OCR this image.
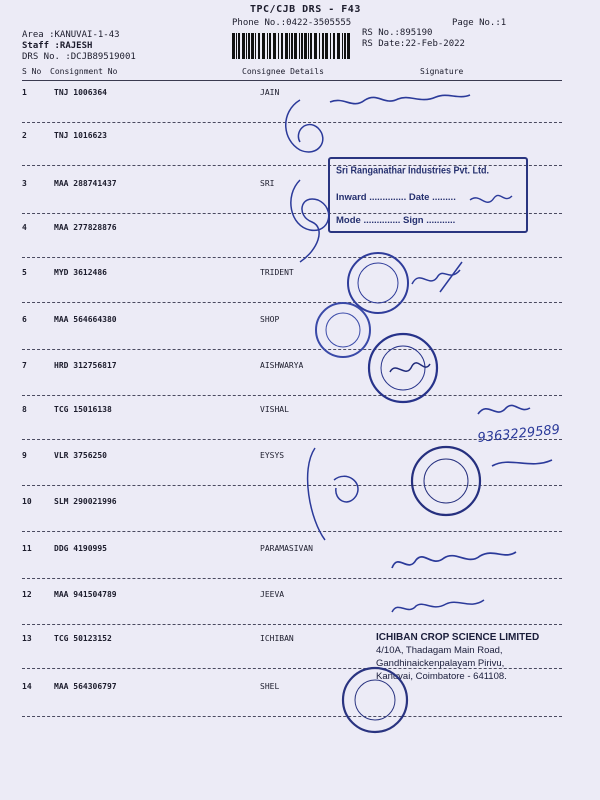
TPC/CJB DRS - F43
Phone No.:0422-3505555	Page No.:1
Area :KANUVAI-1-43
Staff :RAJESH
DRS No. :DCJB89519001
RS No.:895190
RS Date:22-Feb-2022
S No Consignment No	Consignee Details	Signature
1	TNJ 1006364	JAIN
2	TNJ 1016623
3	MAA 288741437	SRI
4	MAA 277828876
5	MYD 3612486	TRIDENT
6	MAA 564664380	SHOP
7	HRD 312756817	AISHWARYA
8	TCG 15016138	VISHAL
9	VLR 3756250	EYSYS
10	SLM 290021996
11	DDG 4190995	PARAMASIVAN
12	MAA 941504789	JEEVA
13	TCG 50123152	ICHIBAN
14	MAA 564306797	SHEL
Sri Ranganathar Industries Pvt. Ltd.
Inward .............. Date .........
Mode .............. Sign ...........
ICHIBAN CROP SCIENCE LIMITED
4/10A, Thadagam Main Road,
Gandhinaickenpalayam Pirivu,
Kanuvai, Coimbatore - 641108.
9363229589
